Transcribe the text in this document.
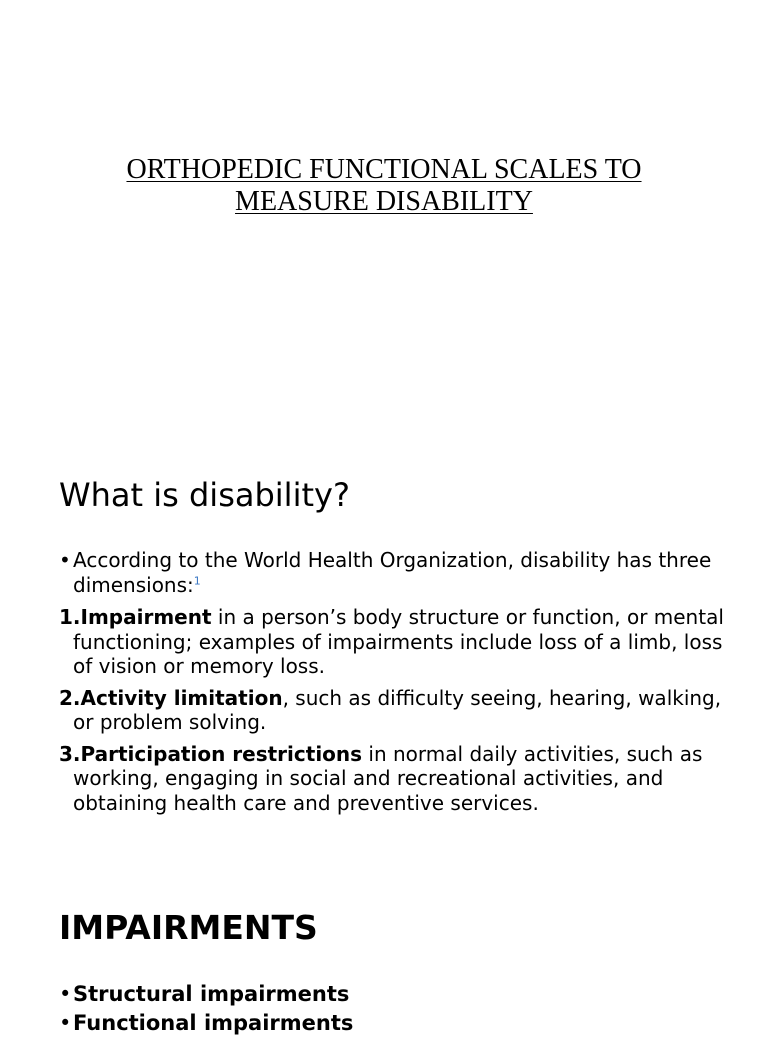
ORTHOPEDIC FUNCTIONAL SCALES TO
MEASURE DISABILITY
What is disability?

• According to the World Health Organization, disability has three dimensions:$^1$

1.Impairment in a person’s body structure or function, or mental functioning; examples of impairments include loss of a limb, loss of vision or memory loss.

2.Activity limitation, such as difficulty seeing, hearing, walking, or problem solving.

3.Participation restrictions in normal daily activities, such as working, engaging in social and recreational activities, and obtaining health care and preventive services.

IMPAIRMENTS

• Structural impairments

• Functional impairments
